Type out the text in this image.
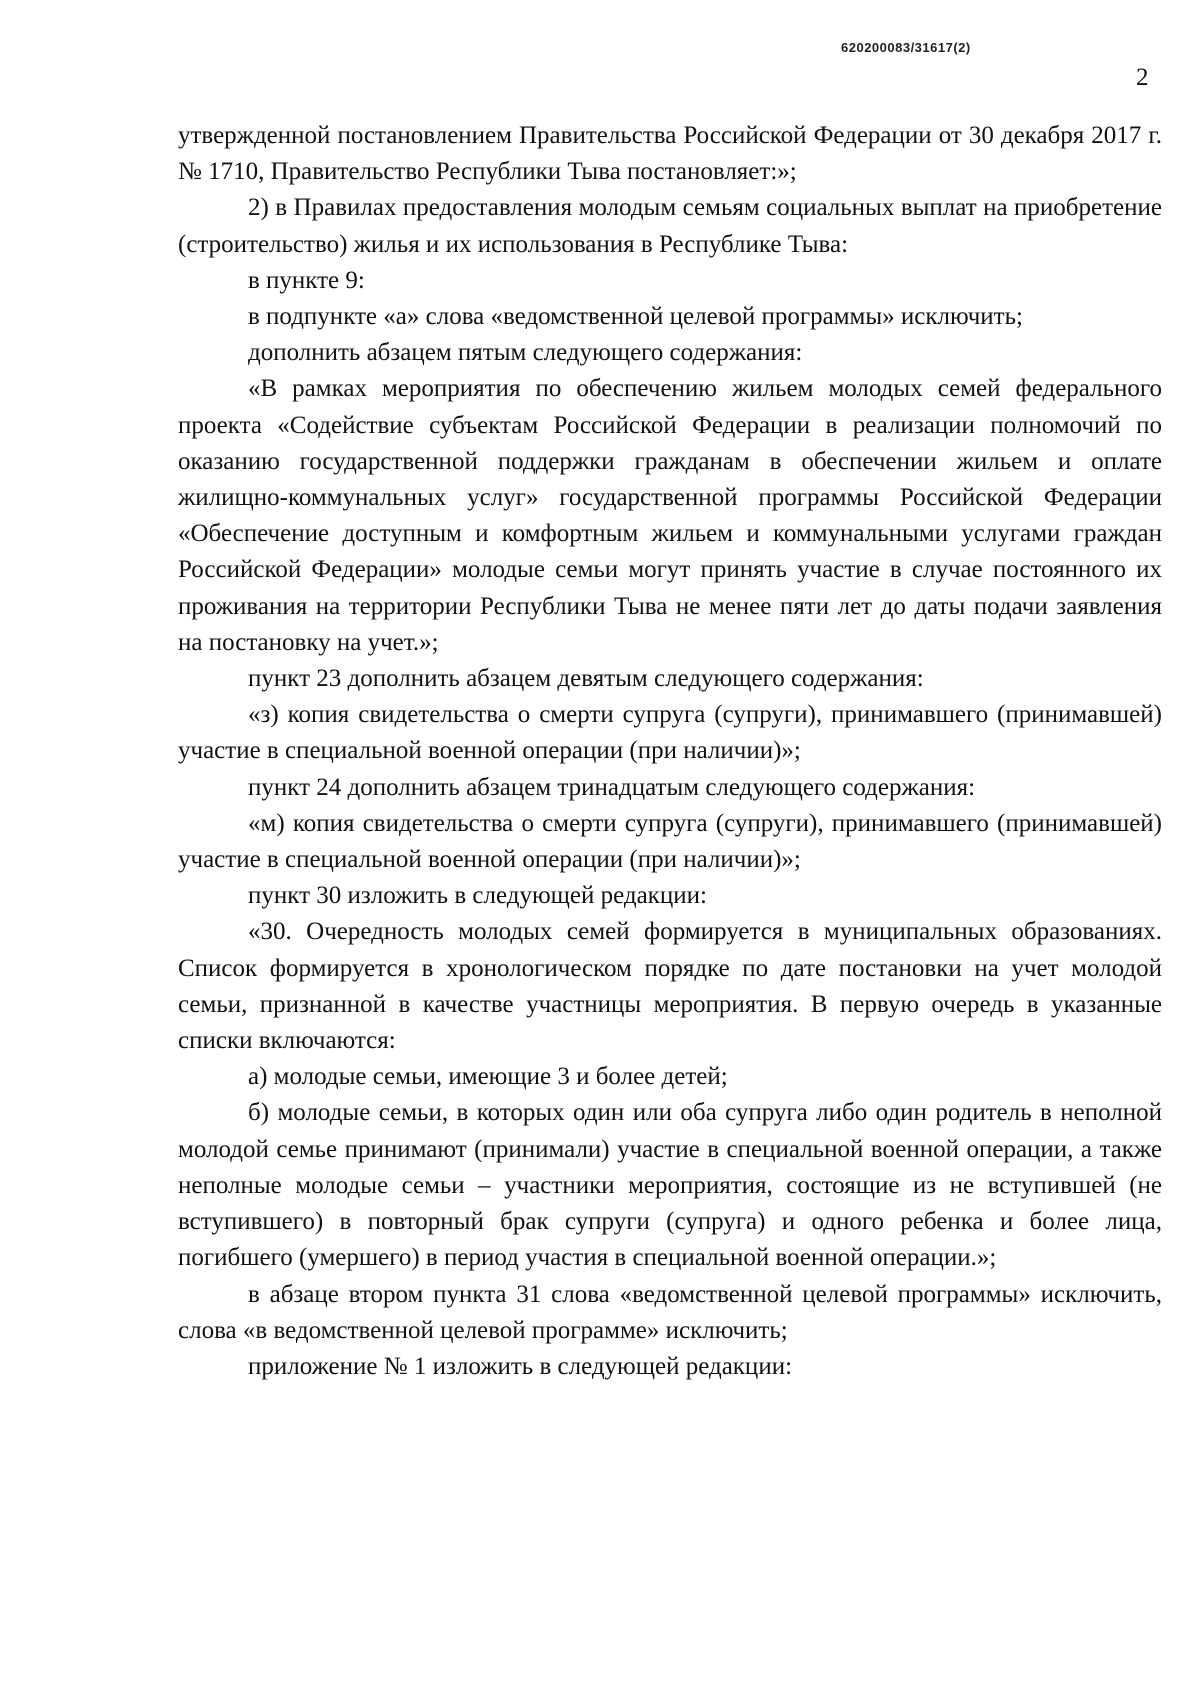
620200083/31617(2)
2

утвержденной постановлением Правительства Российской Федерации от 30 декабря 2017 г. № 1710, Правительство Республики Тыва постановляет:»;

2) в Правилах предоставления молодым семьям социальных выплат на приобретение (строительство) жилья и их использования в Республике Тыва:

в пункте 9:

в подпункте «а» слова «ведомственной целевой программы» исключить;

дополнить абзацем пятым следующего содержания:

«В рамках мероприятия по обеспечению жильем молодых семей федерального проекта «Содействие субъектам Российской Федерации в реализации полномочий по оказанию государственной поддержки гражданам в обеспечении жильем и оплате жилищно-коммунальных услуг» государственной программы Российской Федерации «Обеспечение доступным и комфортным жильем и коммунальными услугами граждан Российской Федерации» молодые семьи могут принять участие в случае постоянного их проживания на территории Республики Тыва не менее пяти лет до даты подачи заявления на постановку на учет.»;

пункт 23 дополнить абзацем девятым следующего содержания:

«з) копия свидетельства о смерти супруга (супруги), принимавшего (принимавшей) участие в специальной военной операции (при наличии)»;

пункт 24 дополнить абзацем тринадцатым следующего содержания:

«м) копия свидетельства о смерти супруга (супруги), принимавшего (принимавшей) участие в специальной военной операции (при наличии)»;

пункт 30 изложить в следующей редакции:

«30. Очередность молодых семей формируется в муниципальных образованиях. Список формируется в хронологическом порядке по дате постановки на учет молодой семьи, признанной в качестве участницы мероприятия. В первую очередь в указанные списки включаются:

а) молодые семьи, имеющие 3 и более детей;

б) молодые семьи, в которых один или оба супруга либо один родитель в неполной молодой семье принимают (принимали) участие в специальной военной операции, а также неполные молодые семьи – участники мероприятия, состоящие из не вступившей (не вступившего) в повторный брак супруги (супруга) и одного ребенка и более лица, погибшего (умершего) в период участия в специальной военной операции.»;

в абзаце втором пункта 31 слова «ведомственной целевой программы» исключить, слова «в ведомственной целевой программе» исключить;

приложение № 1 изложить в следующей редакции:
